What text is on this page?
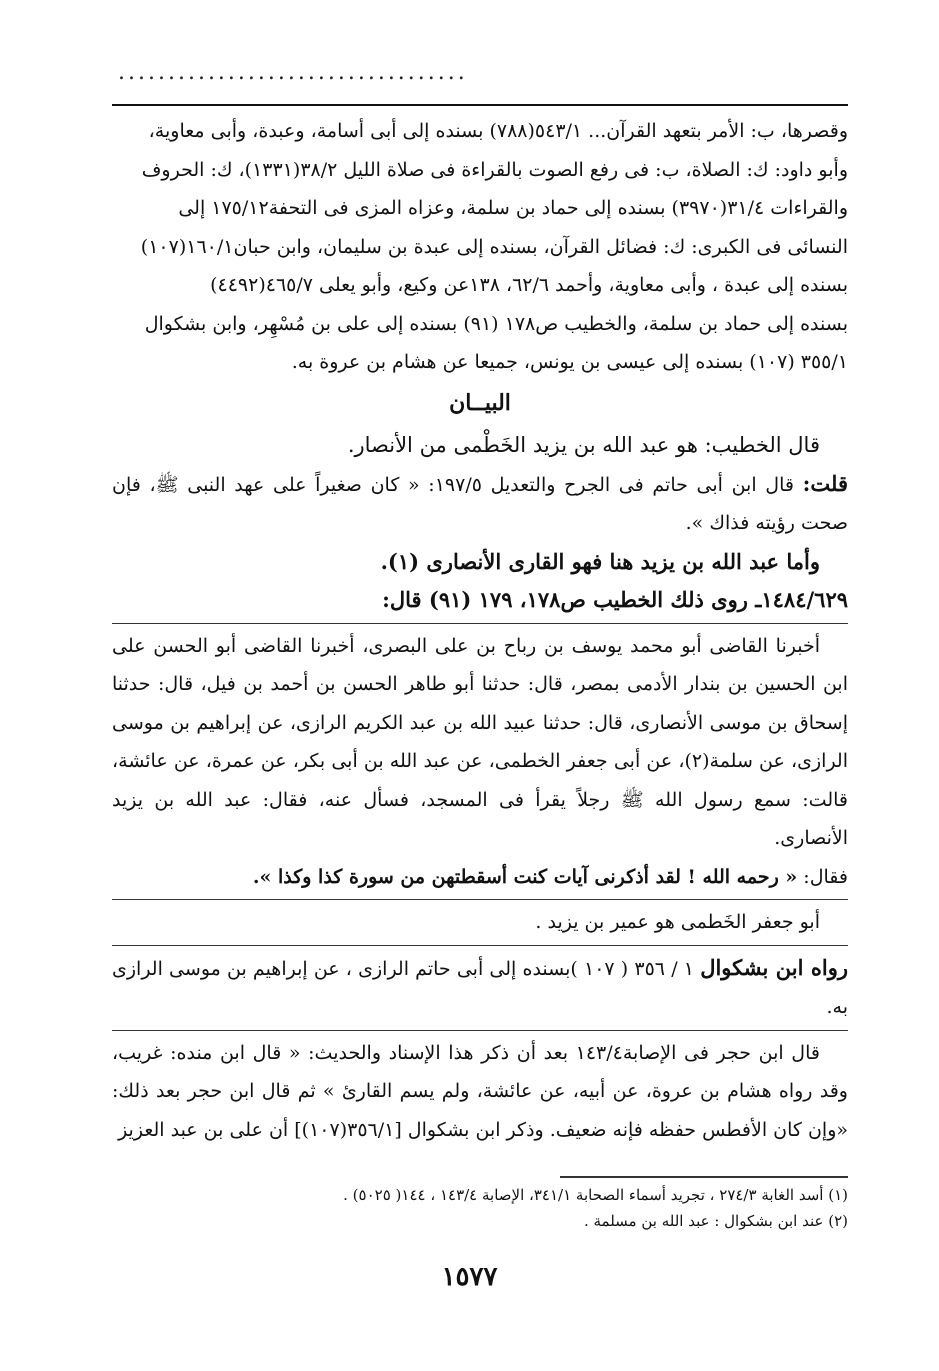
...................................

وقصرها، ب: الأمر بتعهد القرآن... ٥٤٣/١(٧٨٨) بسنده إلى أبى أسامة، وعبدة، وأبى معاوية،

وأبو داود: ك: الصلاة، ب: فى رفع الصوت بالقراءة فى صلاة الليل ٣٨/٢(١٣٣١)، ك: الحروف

والقراءات ٣١/٤(٣٩٧٠) بسنده إلى حماد بن سلمة، وعزاه المزى فى التحفة١٧٥/١٢ إلى

النسائى فى الكبرى: ك: فضائل القرآن، بسنده إلى عبدة بن سليمان، وابن حبان١٦٠/١(١٠٧)

بسنده إلى عبدة ، وأبى معاوية، وأحمد ٦٢/٦، ١٣٨عن وكيع، وأبو يعلى ٤٦٥/٧(٤٤٩٢)

بسنده إلى حماد بن سلمة، والخطيب ص١٧٨ (٩١) بسنده إلى على بن مُسْهِر، وابن بشكوال

٣٥٥/١ (١٠٧) بسنده إلى عيسى بن يونس، جميعا عن هشام بن عروة به.

البيــان

قال الخطيب: هو عبد الله بن يزيد الخَطْمى من الأنصار.

قلت: قال ابن أبى حاتم فى الجرح والتعديل ١٩٧/٥: « كان صغيراً على عهد النبى ﷺ، فإن صحت رؤيته فذاك ».

وأما عبد الله بن يزيد هنا فهو القارى الأنصارى (١).

١٤٨٤/٦٢٩ـ روى ذلك الخطيب ص١٧٨، ١٧٩ (٩١) قال:

أخبرنا القاضى أبو محمد يوسف بن رباح بن على البصرى، أخبرنا القاضى أبو الحسن على ابن الحسين بن بندار الأدمى بمصر، قال: حدثنا أبو طاهر الحسن بن أحمد بن فيل، قال: حدثنا إسحاق بن موسى الأنصارى، قال: حدثنا عبيد الله بن عبد الكريم الرازى، عن إبراهيم بن موسى الرازى، عن سلمة(٢)، عن أبى جعفر الخطمى، عن عبد الله بن أبى بكر، عن عمرة، عن عائشة، قالت: سمع رسول الله ﷺ رجلاً يقرأ فى المسجد، فسأل عنه، فقال: عبد الله بن يزيد الأنصارى.

فقال: « رحمه الله ! لقد أذكرنى آيات كنت أسقطتهن من سورة كذا وكذا ».

أبو جعفر الخَطمى هو عمير بن يزيد .

رواه ابن بشكوال ١ / ٣٥٦ ( ١٠٧ )بسنده إلى أبى حاتم الرازى ، عن إبراهيم بن موسى الرازى به.

قال ابن حجر فى الإصابة١٤٣/٤ بعد أن ذكر هذا الإسناد والحديث: « قال ابن منده: غريب، وقد رواه هشام بن عروة، عن أبيه، عن عائشة، ولم يسم القارئ » ثم قال ابن حجر بعد ذلك: «وإن كان الأفطس حفظه فإنه ضعيف. وذكر ابن بشكوال [٣٥٦/١(١٠٧)] أن على بن عبد العزيز

(١) أسد الغابة ٢٧٤/٣ ، تجريد أسماء الصحابة ٣٤١/١، الإصابة ١٤٣/٤ ، ١٤٤( ٥٠٢٥) .

(٢) عند ابن بشكوال : عبد الله بن مسلمة .

١٥٧٧
